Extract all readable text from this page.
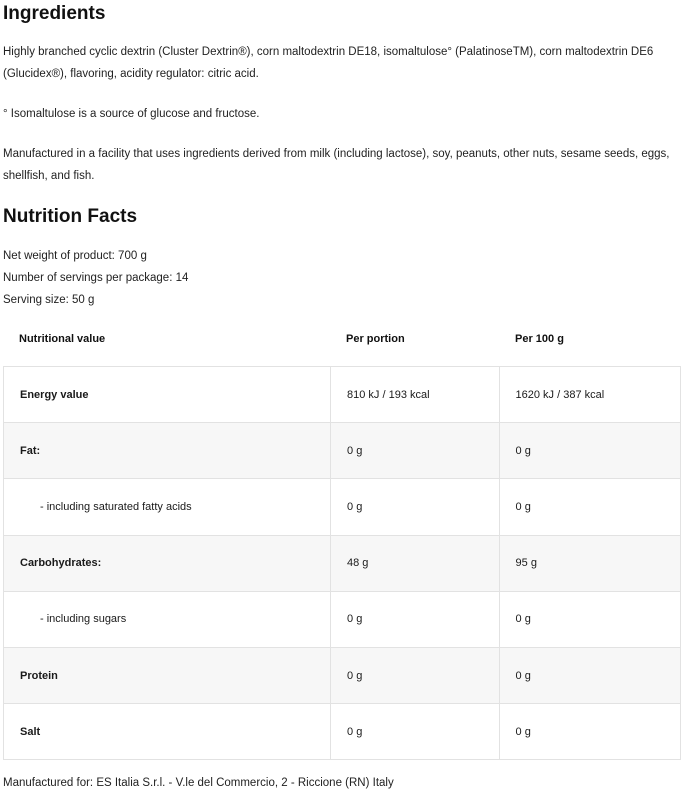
Ingredients

Highly branched cyclic dextrin (Cluster Dextrin®), corn maltodextrin DE18, isomaltulose° (PalatinoseTM), corn maltodextrin DE6 (Glucidex®), flavoring, acidity regulator: citric acid.

° Isomaltulose is a source of glucose and fructose.

Manufactured in a facility that uses ingredients derived from milk (including lactose), soy, peanuts, other nuts, sesame seeds, eggs, shellfish, and fish.

Nutrition Facts

Net weight of product: 700 g

Number of servings per package: 14

Serving size: 50 g

Nutritional value	Per portion	Per 100 g
Energy value	810 kJ / 193 kcal	1620 kJ / 387 kcal
Fat:	0 g	0 g
- including saturated fatty acids	0 g	0 g
Carbohydrates:	48 g	95 g
- including sugars	0 g	0 g
Protein	0 g	0 g
Salt	0 g	0 g

Manufactured for: ES Italia S.r.l. - V.le del Commercio, 2 - Riccione (RN) Italy
